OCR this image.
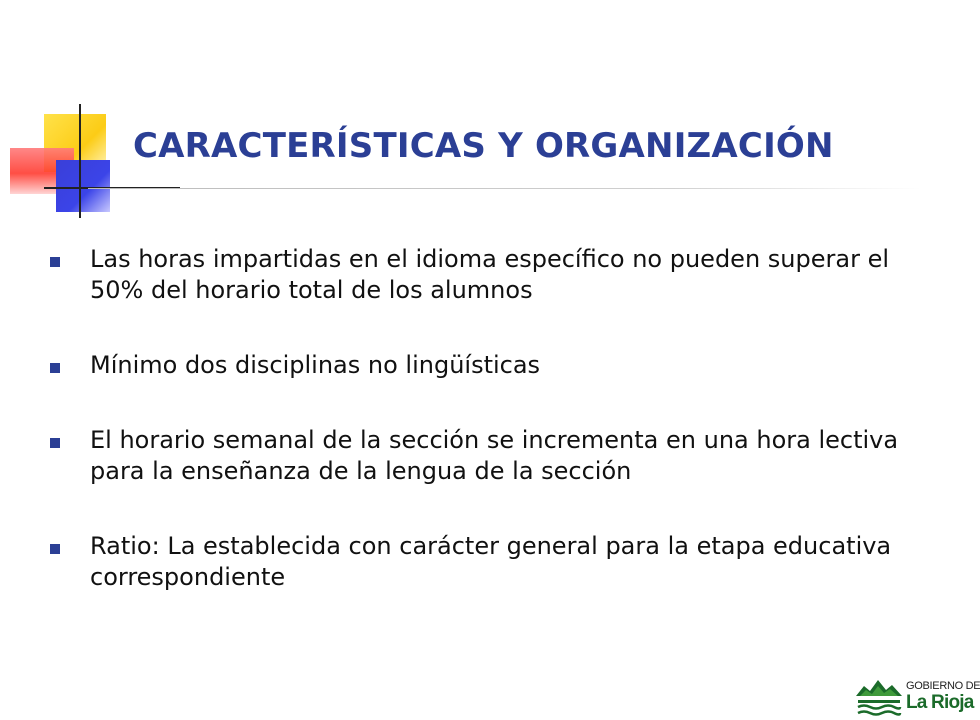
CARACTERÍSTICAS Y ORGANIZACIÓN
Las horas impartidas en el idioma específico no pueden superar el 50% del horario total de los alumnos
Mínimo dos disciplinas no lingüísticas
El horario semanal de la sección se incrementa en una hora lectiva para la enseñanza de la lengua de la sección
Ratio: La establecida con carácter general para la etapa educativa correspondiente
GOBIERNO DE
La Rioja
